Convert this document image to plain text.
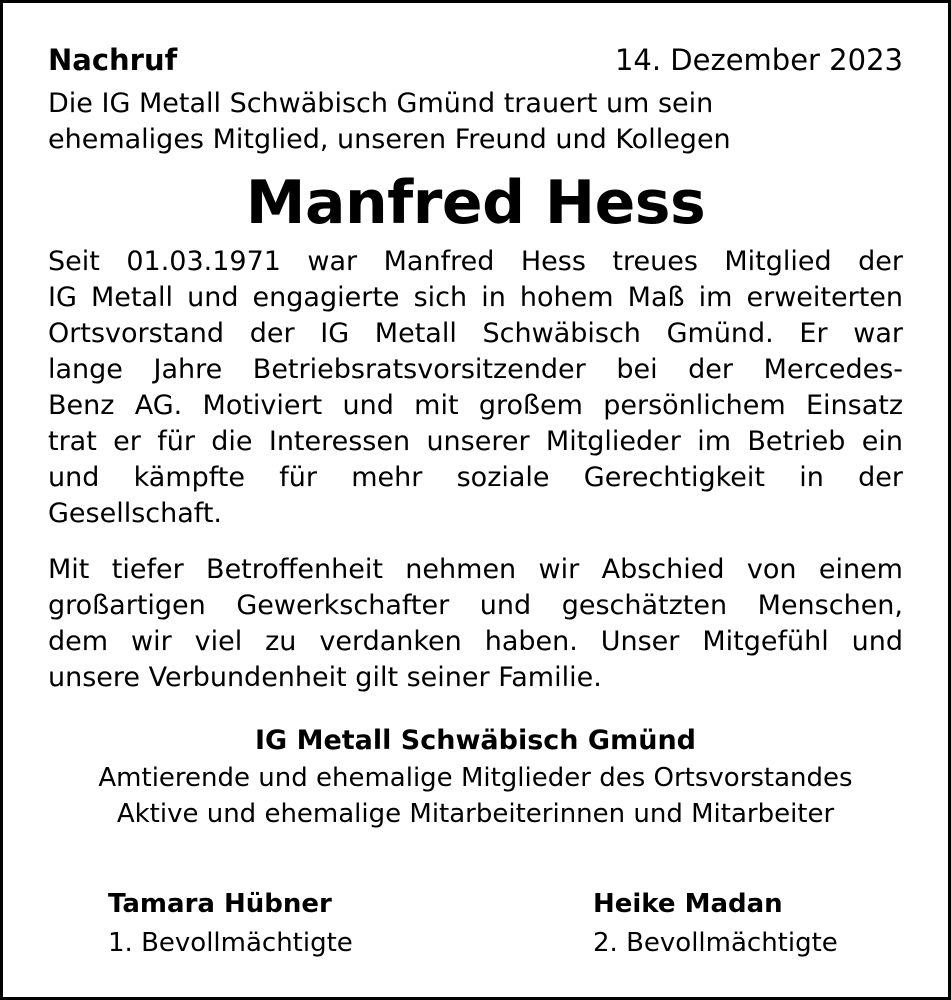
Nachruf	14. Dezember 2023
Die IG Metall Schwäbisch Gmünd trauert um sein
ehemaliges Mitglied, unseren Freund und Kollegen
Manfred Hess
Seit 01.03.1971 war Manfred Hess treues Mitglied der
IG Metall und engagierte sich in hohem Maß im erweiterten
Ortsvorstand der IG Metall Schwäbisch Gmünd. Er war
lange Jahre Betriebsratsvorsitzender bei der Mercedes-
Benz AG. Motiviert und mit großem persönlichem Einsatz
trat er für die Interessen unserer Mitglieder im Betrieb ein
und kämpfte für mehr soziale Gerechtigkeit in der
Gesellschaft.
Mit tiefer Betroffenheit nehmen wir Abschied von einem
großartigen Gewerkschafter und geschätzten Menschen,
dem wir viel zu verdanken haben. Unser Mitgefühl und
unsere Verbundenheit gilt seiner Familie.
IG Metall Schwäbisch Gmünd
Amtierende und ehemalige Mitglieder des Ortsvorstandes
Aktive und ehemalige Mitarbeiterinnen und Mitarbeiter
Tamara Hübner
1. Bevollmächtigte
Heike Madan
2. Bevollmächtigte
